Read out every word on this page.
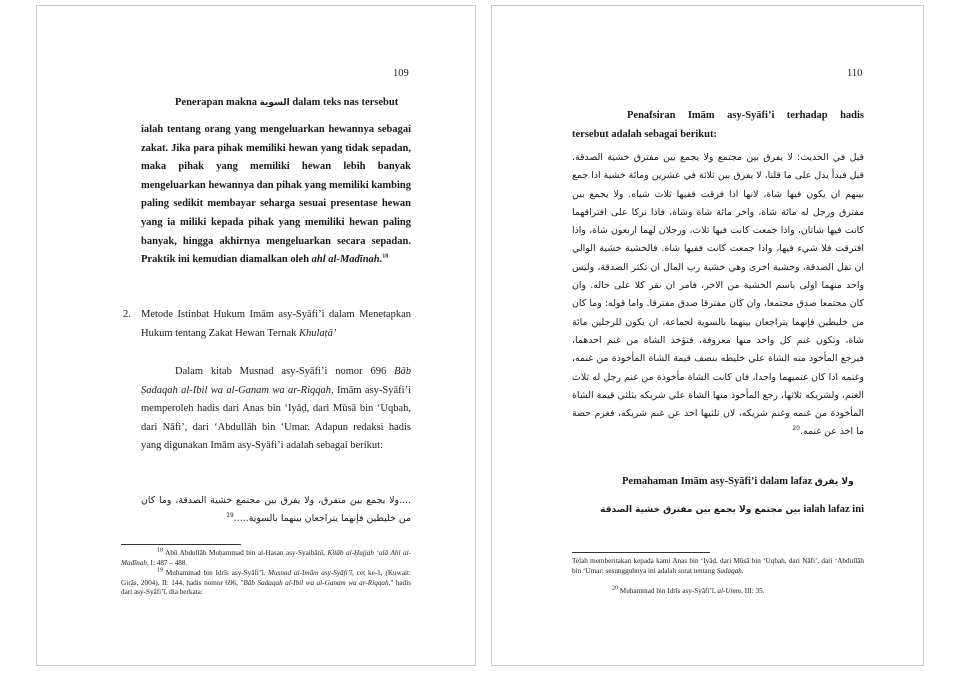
109
Penerapan makna السوية dalam teks nas tersebut
ialah tentang orang yang mengeluarkan hewannya sebagai zakat. Jika para pihak memiliki hewan yang tidak sepadan, maka pihak yang memiliki hewan lebih banyak mengeluarkan hewannya dan pihak yang memiliki kambing paling sedikit membayar seharga sesuai presentase hewan yang ia miliki kepada pihak yang memiliki hewan paling banyak, hingga akhirnya mengeluarkan secara sepadan. Praktik ini kemudian diamalkan oleh ahl al-Madīnah.$^{18}$
2. Metode Istinbat Hukum Imām asy-Syāfi’i dalam Menetapkan Hukum tentang Zakat Hewan Ternak Khulaṭā’
Dalam kitab Musnad asy-Syāfi’i nomor 696 Bāb Ṣadaqah al-Ibil wa al-Ganam wa ar-Riqqah, Imām asy-Syāfi’i memperoleh hadis dari Anas bin ‘Iyāḍ, dari Mūsā bin ‘Uqbah, dari Nāfi’, dari ‘Abdullāh bin ‘Umar. Adapun redaksi hadis yang digunakan Imām asy-Syāfi’i adalah sebagai berikut:
....ولا يجمع بين متفرق، ولا يفرق بين مجتمع خشية الصدقة، وما كان من خليطين فإنهما يتراجعان بينهما بالسوية.....$^{19}$
$^{18}$ Abū Abdullāh Muḥammad bin al-Ḥasan asy-Syaibānī, Kitāb al-Ḥujjah ‘alā Ahl al-Madīnah, I: 487 – 488.
$^{19}$ Muhammad bin Idrīs asy-Syāfi’ī, Musnad al-Imām asy-Syāfi’ī, cet ke-1, (Kuwait: Girās, 2004), II: 144, hadis nomor 696, "Bāb Ṣadaqah al-Ibil wa al-Ganam wa ar-Riqqah," hadis dari asy-Syāfi’ī, dia berkata:
110
Penafsiran Imām asy-Syāfi’i terhadap hadis tersebut adalah sebagai berikut:
قيل في الحديث: لا يفرق بين مجتمع ولا يجمع بين مفترق خشية الصدقة. قيل فبدأ يدل على ما قلنا، لا يفرق بين ثلاثة في عشرين ومائة خشية اذا جمع بينهم ان يكون فيها شاة، لانها اذا فرقت ففيها ثلاث شياه. ولا يجمع بين مفترق ورجل له مائة شاة، واخر مائة شاة وشاة، فاذا تركا على افتراقهما كانت فيها شاتان، واذا جمعت كانت فيها ثلاث، ورجلان لهما اربعون شاة، واذا افترقت فلا شيء فيها، واذا جمعت كانت ففيها شاة. فالخشية خشية الوالي ان تقل الصدقة، وخشية اخرى وهي خشية رب المال ان تكثر الصدقة، وليس واحد منهما اولى باسم الخشية من الاخر، فامر ان نقر كلا على حاله. وان كان مجتمعا صدق مجتمعا، وان كان مفترقا صدق مفترقا. واما قوله: وما كان من خليطين فإنهما يتراجعان بينهما بالسوية لجماعة، ان يكون للرجلين مائة شاة، وتكون غنم كل واحد منها معروفة، فتؤخذ الشاة من غنم احدهما، فيرجع المأخوذ منه الشاة علي خليطه بنصف قيمة الشاة المأخوذة من غنمه، وغنمه اذا كان غنميهما واحدا، فان كانت الشاة مأخوذة من غنم رجل له ثلاث الغنم، ولشريكه ثلاثها، رجع المأخوذ منها الشاة علي شريكه بثلثي قيمة الشاة المأخوذة من غنمه وغنم شريكه، لان ثلثيها اخذ عن غنم شريكه، فغرم حصة ما اخذ عن غنمه.$^{20}$
Pemahaman Imām asy-Syāfi’i dalam lafaz ولا يفرق
بين مجتمع ولا يجمع بين مفترق خشية الصدقة ialah lafaz ini
Telah memberitakan kepada kami Anas bin ‘Iyāḍ, dari Mūsā bin ‘Uqbah, dari Nāfi’, dari ‘Abdullāh bin ‘Umar: sesungguhnya ini adalah surat tentang Ṣadaqah.
$^{20}$ Muhammad bin Idrīs asy-Syāfi’ī, al-Umm, III: 35.
